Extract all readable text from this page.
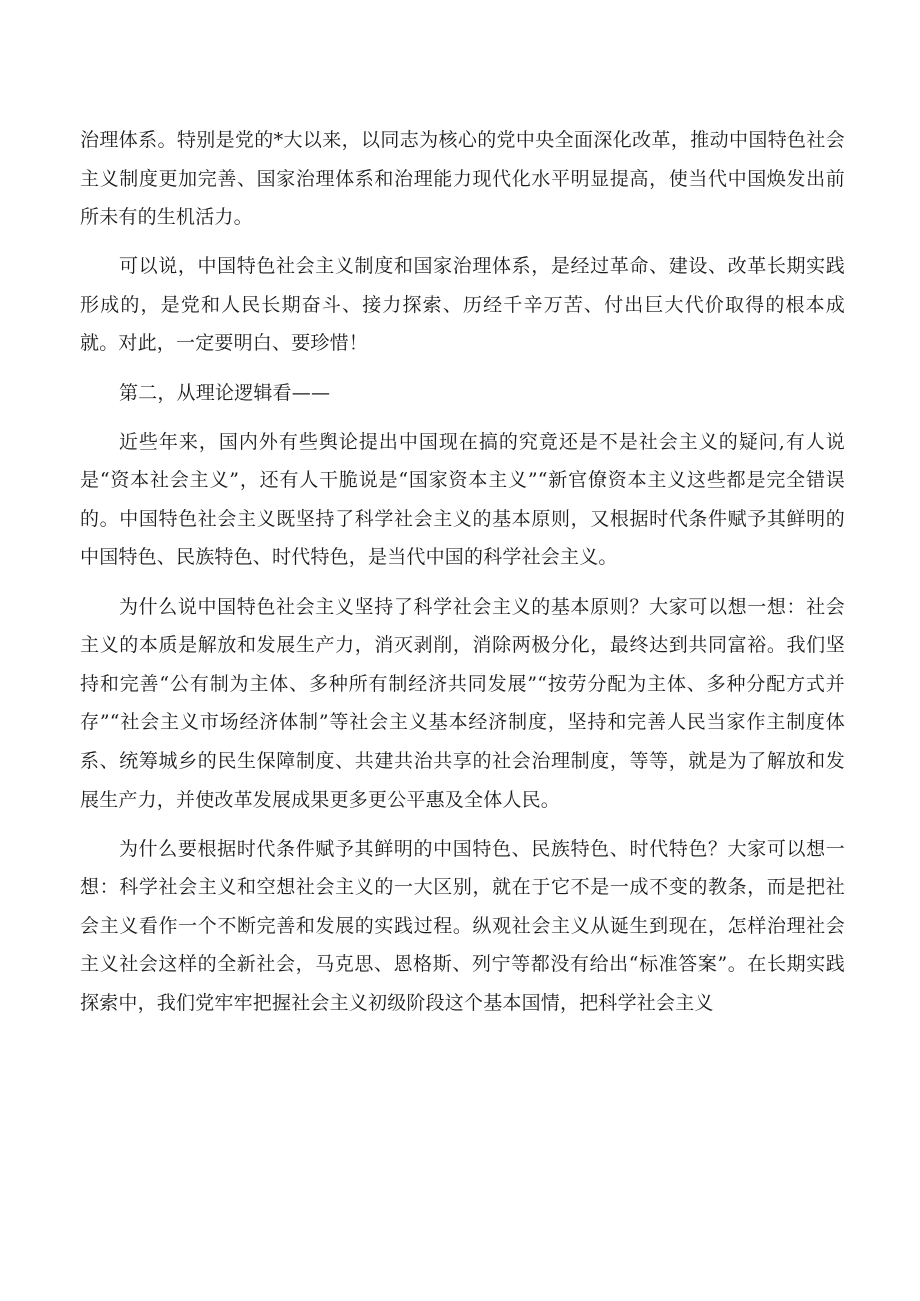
治理体系。特别是党的*大以来，以同志为核心的党中央全面深化改革，推动中国特色社会主义制度更加完善、国家治理体系和治理能力现代化水平明显提高，使当代中国焕发出前所未有的生机活力。

可以说，中国特色社会主义制度和国家治理体系，是经过革命、建设、改革长期实践形成的，是党和人民长期奋斗、接力探索、历经千辛万苦、付出巨大代价取得的根本成就。对此，一定要明白、要珍惜！

第二，从理论逻辑看——

近些年来，国内外有些舆论提出中国现在搞的究竟还是不是社会主义的疑问,有人说是“资本社会主义”，还有人干脆说是“国家资本主义”“新官僚资本主义这些都是完全错误的。中国特色社会主义既坚持了科学社会主义的基本原则，又根据时代条件赋予其鲜明的中国特色、民族特色、时代特色，是当代中国的科学社会主义。

为什么说中国特色社会主义坚持了科学社会主义的基本原则？大家可以想一想：社会主义的本质是解放和发展生产力，消灭剥削，消除两极分化，最终达到共同富裕。我们坚持和完善“公有制为主体、多种所有制经济共同发展”“按劳分配为主体、多种分配方式并存”“社会主义市场经济体制”等社会主义基本经济制度，坚持和完善人民当家作主制度体系、统筹城乡的民生保障制度、共建共治共享的社会治理制度，等等，就是为了解放和发展生产力，并使改革发展成果更多更公平惠及全体人民。

为什么要根据时代条件赋予其鲜明的中国特色、民族特色、时代特色？大家可以想一想：科学社会主义和空想社会主义的一大区别，就在于它不是一成不变的教条，而是把社会主义看作一个不断完善和发展的实践过程。纵观社会主义从诞生到现在，怎样治理社会主义社会这样的全新社会，马克思、恩格斯、列宁等都没有给出“标准答案”。在长期实践探索中，我们党牢牢把握社会主义初级阶段这个基本国情，把科学社会主义
